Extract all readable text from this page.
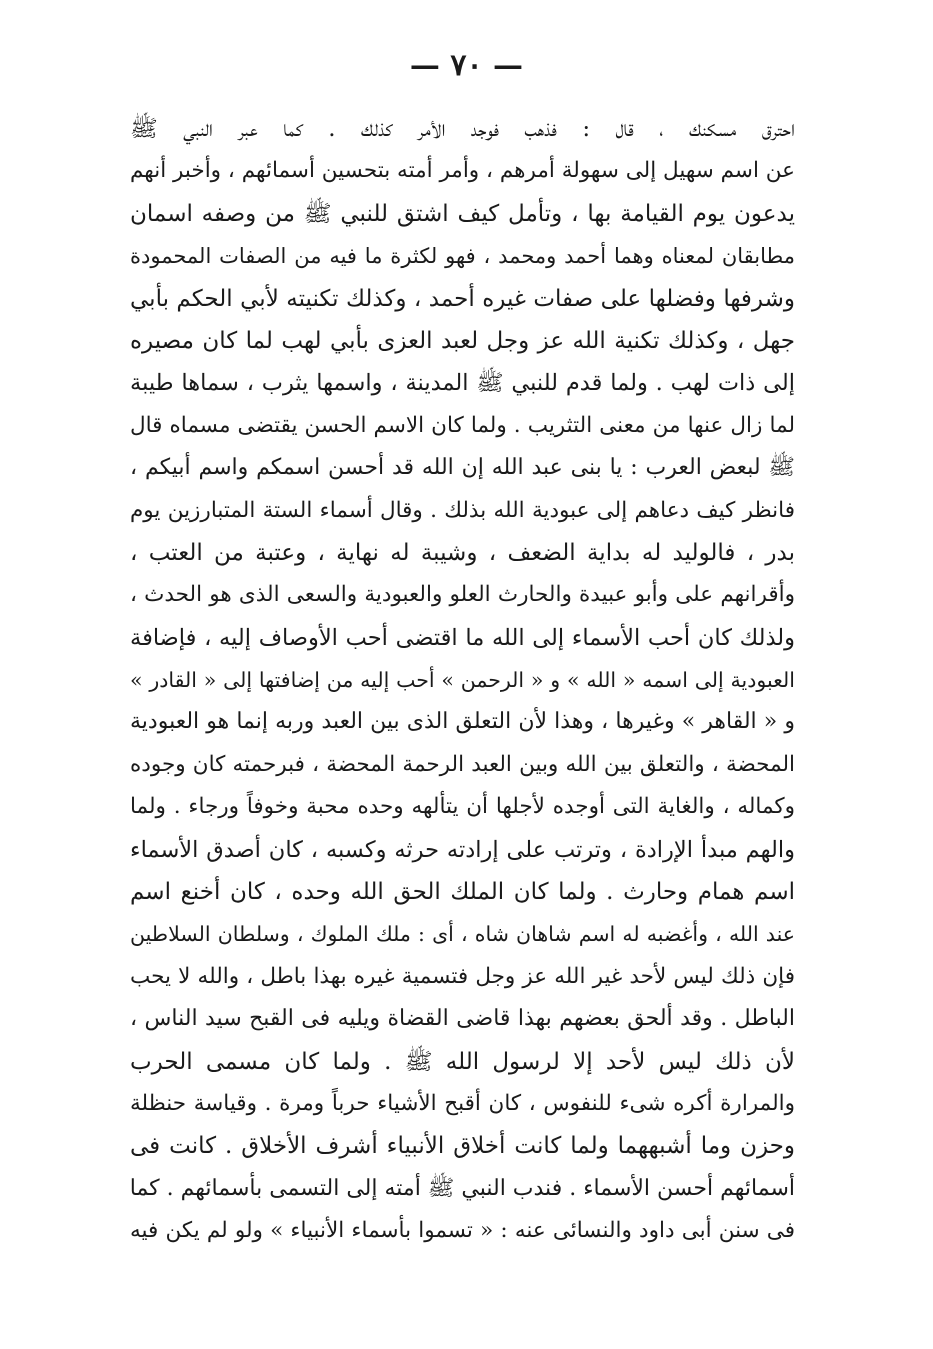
— ٧٠ —
احترق مسكنك ، قال : فذهب فوجد الأمر كذلك . كما عبر النبي ﷺ
عن اسم سهيل إلى سهولة أمرهم ، وأمر أمته بتحسين أسمائهم ، وأخبر أنهم
يدعون يوم القيامة بها ، وتأمل كيف اشتق للنبي ﷺ من وصفه اسمان
مطابقان لمعناه وهما أحمد ومحمد ، فهو لكثرة ما فيه من الصفات المحمودة
وشرفها وفضلها على صفات غيره أحمد ، وكذلك تكنيته لأبي الحكم بأبي
جهل ، وكذلك تكنية الله عز وجل لعبد العزى بأبي لهب لما كان مصيره
إلى ذات لهب . ولما قدم للنبي ﷺ المدينة ، واسمها يثرب ، سماها طيبة
لما زال عنها من معنى التثريب . ولما كان الاسم الحسن يقتضى مسماه قال
ﷺ لبعض العرب : يا بنى عبد الله إن الله قد أحسن اسمكم واسم أبيكم ،
فانظر كيف دعاهم إلى عبودية الله بذلك . وقال أسماء الستة المتبارزين يوم
بدر ، فالوليد له بداية الضعف ، وشيبة له نهاية ، وعتبة من العتب ،
وأقرانهم على وأبو عبيدة والحارث العلو والعبودية والسعى الذى هو الحدث ،
ولذلك كان أحب الأسماء إلى الله ما اقتضى أحب الأوصاف إليه ، فإضافة
العبودية إلى اسمه « الله » و « الرحمن » أحب إليه من إضافتها إلى « القادر »
و « القاهر » وغيرها ، وهذا لأن التعلق الذى بين العبد وربه إنما هو العبودية
المحضة ، والتعلق بين الله وبين العبد الرحمة المحضة ، فبرحمته كان وجوده
وكماله ، والغاية التى أوجده لأجلها أن يتألهه وحده محبة وخوفاً ورجاء . ولما
والهم مبدأ الإرادة ، وترتب على إرادته حرثه وكسبه ، كان أصدق الأسماء
اسم همام وحارث . ولما كان الملك الحق الله وحده ، كان أخنع اسم
عند الله ، وأغضبه له اسم شاهان شاه ، أى : ملك الملوك ، وسلطان السلاطين
فإن ذلك ليس لأحد غير الله عز وجل فتسمية غيره بهذا باطل ، والله لا يحب
الباطل . وقد ألحق بعضهم بهذا قاضى القضاة ويليه فى القبح سيد الناس ،
لأن ذلك ليس لأحد إلا لرسول الله ﷺ . ولما كان مسمى الحرب
والمرارة أكره شىء للنفوس ، كان أقبح الأشياء حرباً ومرة . وقياسة حنظلة
وحزن وما أشبههما ولما كانت أخلاق الأنبياء أشرف الأخلاق . كانت فى
أسمائهم أحسن الأسماء . فندب النبي ﷺ أمته إلى التسمى بأسمائهم . كما
فى سنن أبى داود والنسائى عنه : « تسموا بأسماء الأنبياء » ولو لم يكن فيه
